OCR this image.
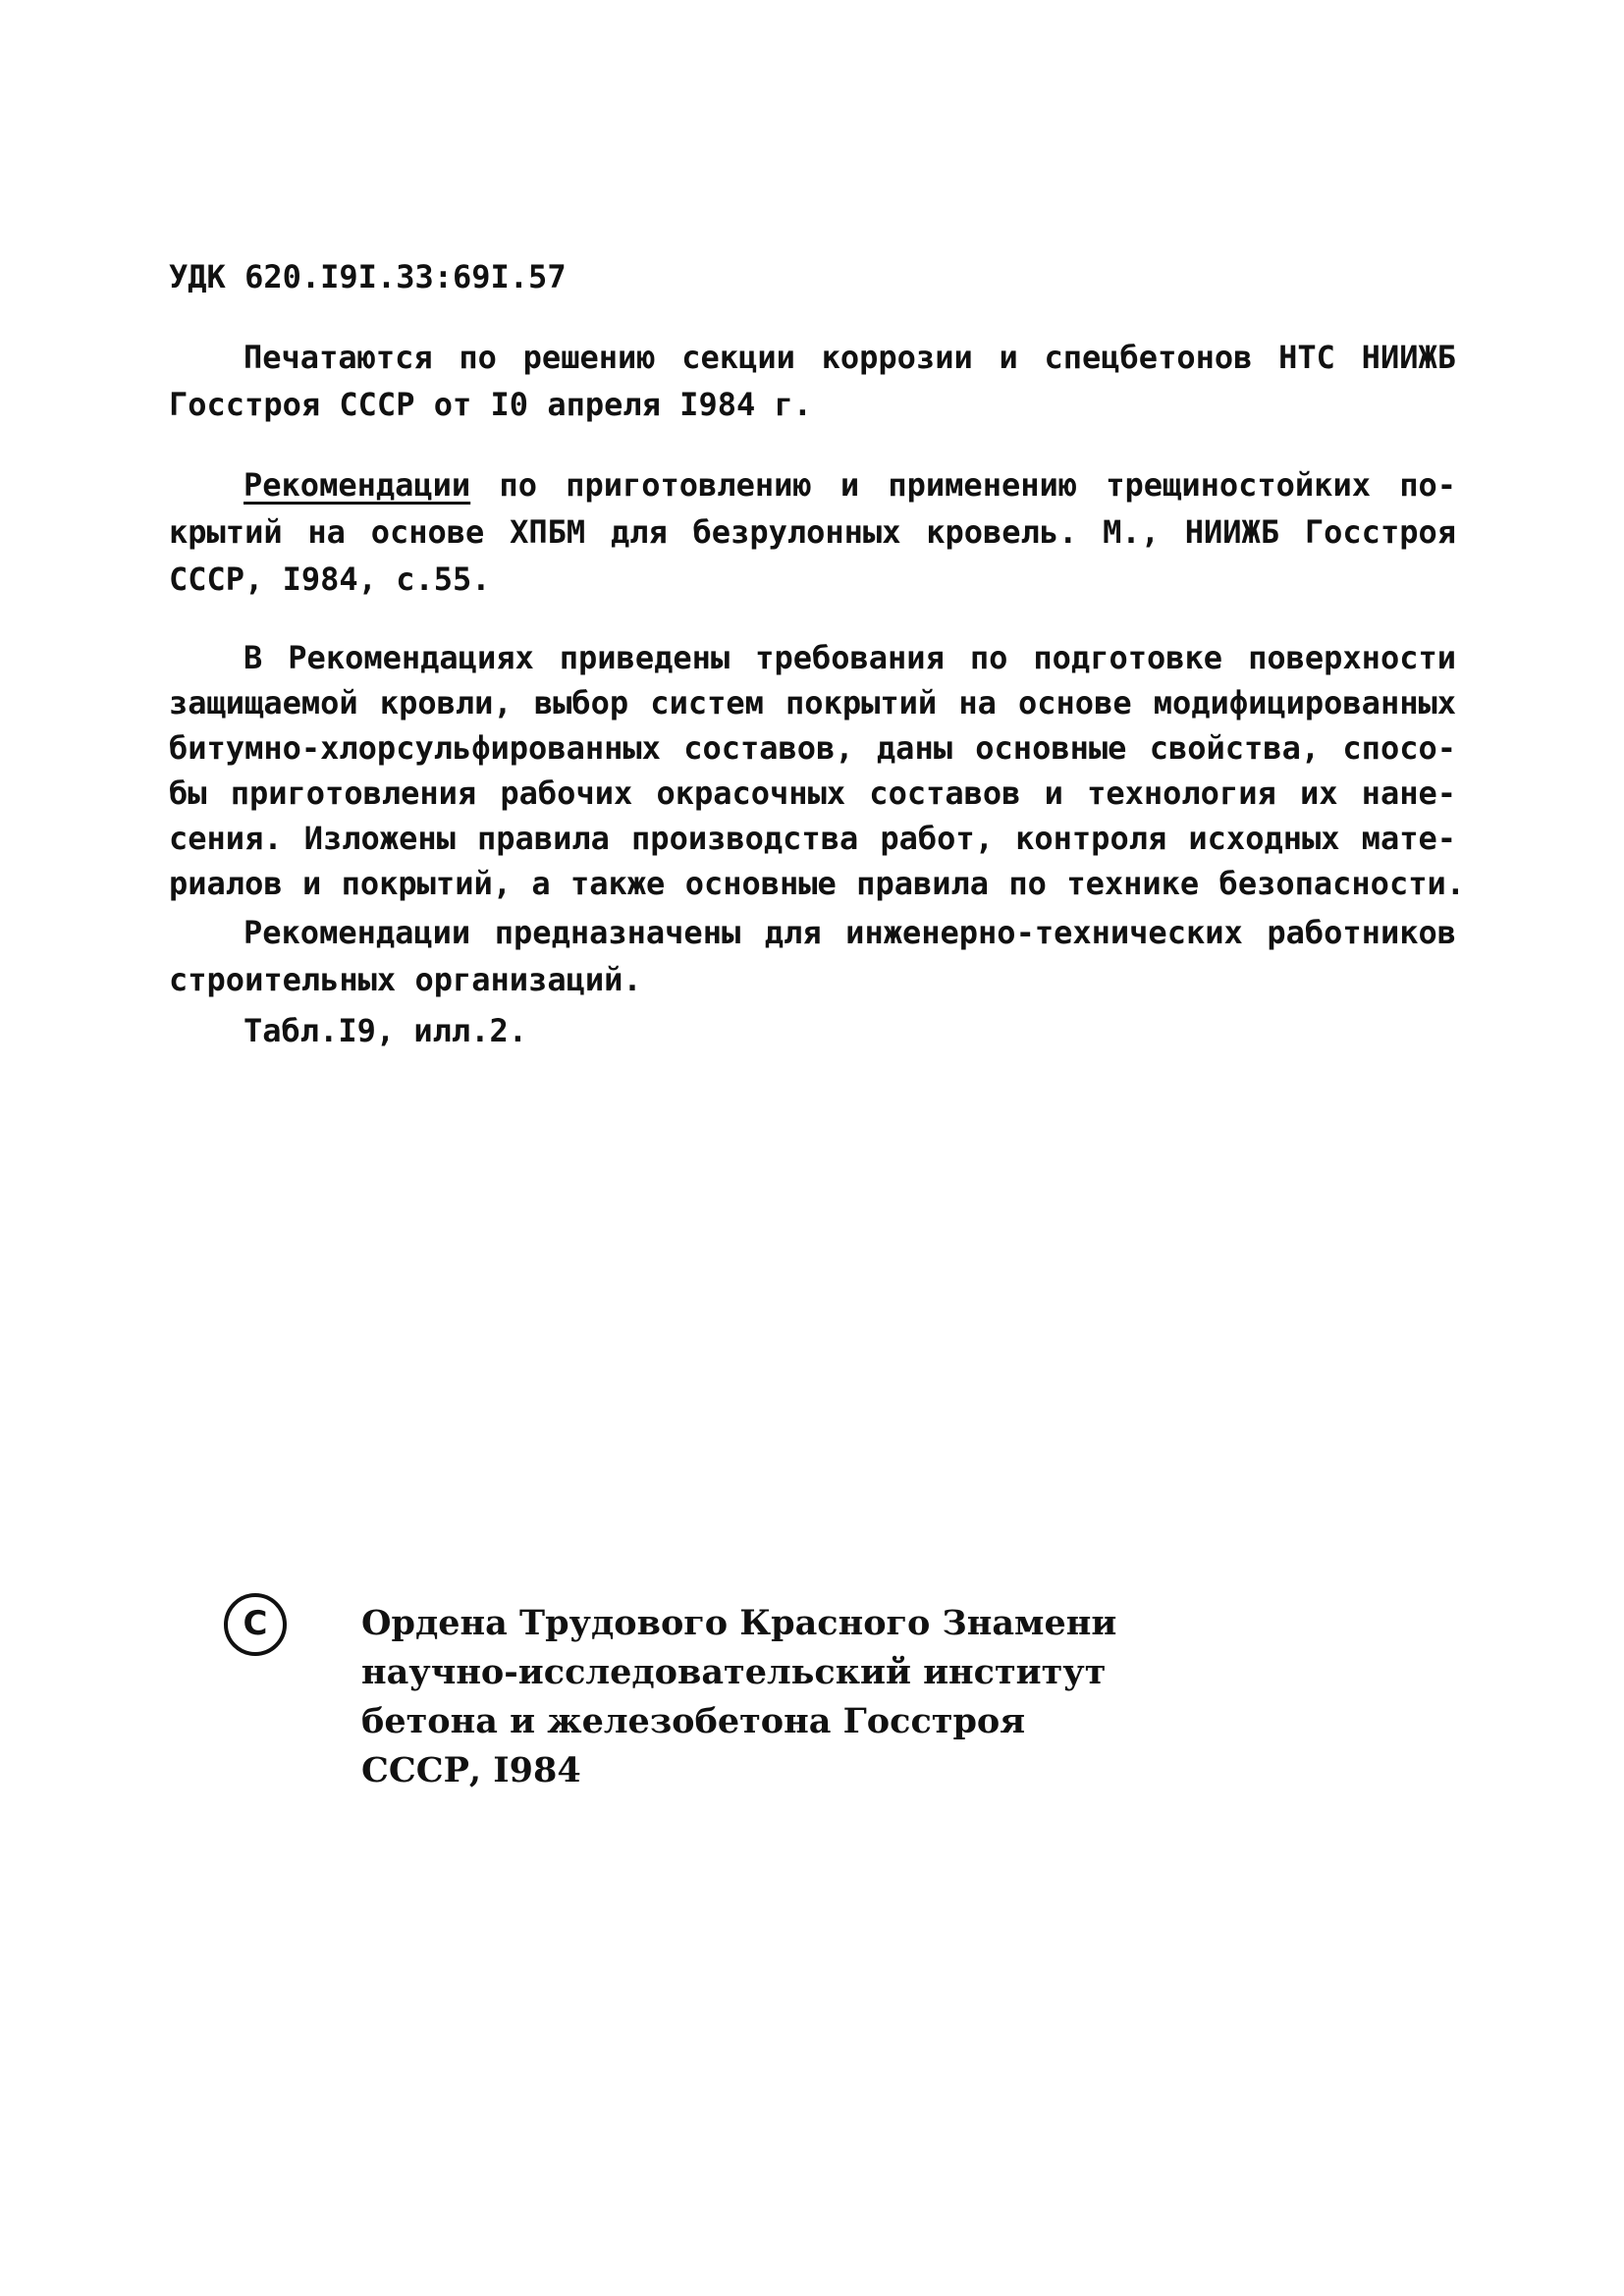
УДК 620.I9I.33:69I.57
Печатаются по решению секции коррозии и спецбетонов НТС НИИЖБ
Госстроя СССР от I0 апреля I984 г.
Рекомендации по приготовлению и применению трещиностойких по-
крытий на основе ХПБМ для безрулонных кровель. М., НИИЖБ Госстроя
СССР, I984, с.55.
В Рекомендациях приведены требования по подготовке поверхности
защищаемой кровли, выбор систем покрытий на основе модифицированных
битумно-хлорсульфированных составов, даны основные свойства, спосо-
бы приготовления рабочих окрасочных составов и технология их нане-
сения. Изложены правила производства работ, контроля исходных мате-
риалов и покрытий, а также основные правила по технике безопасности.
Рекомендации предназначены для инженерно-технических работников
строительных организаций.
Табл.I9, илл.2.
С	Ордена Трудового Красного Знамени
научно-исследовательский институт
бетона и железобетона Госстроя
СССР, I984
